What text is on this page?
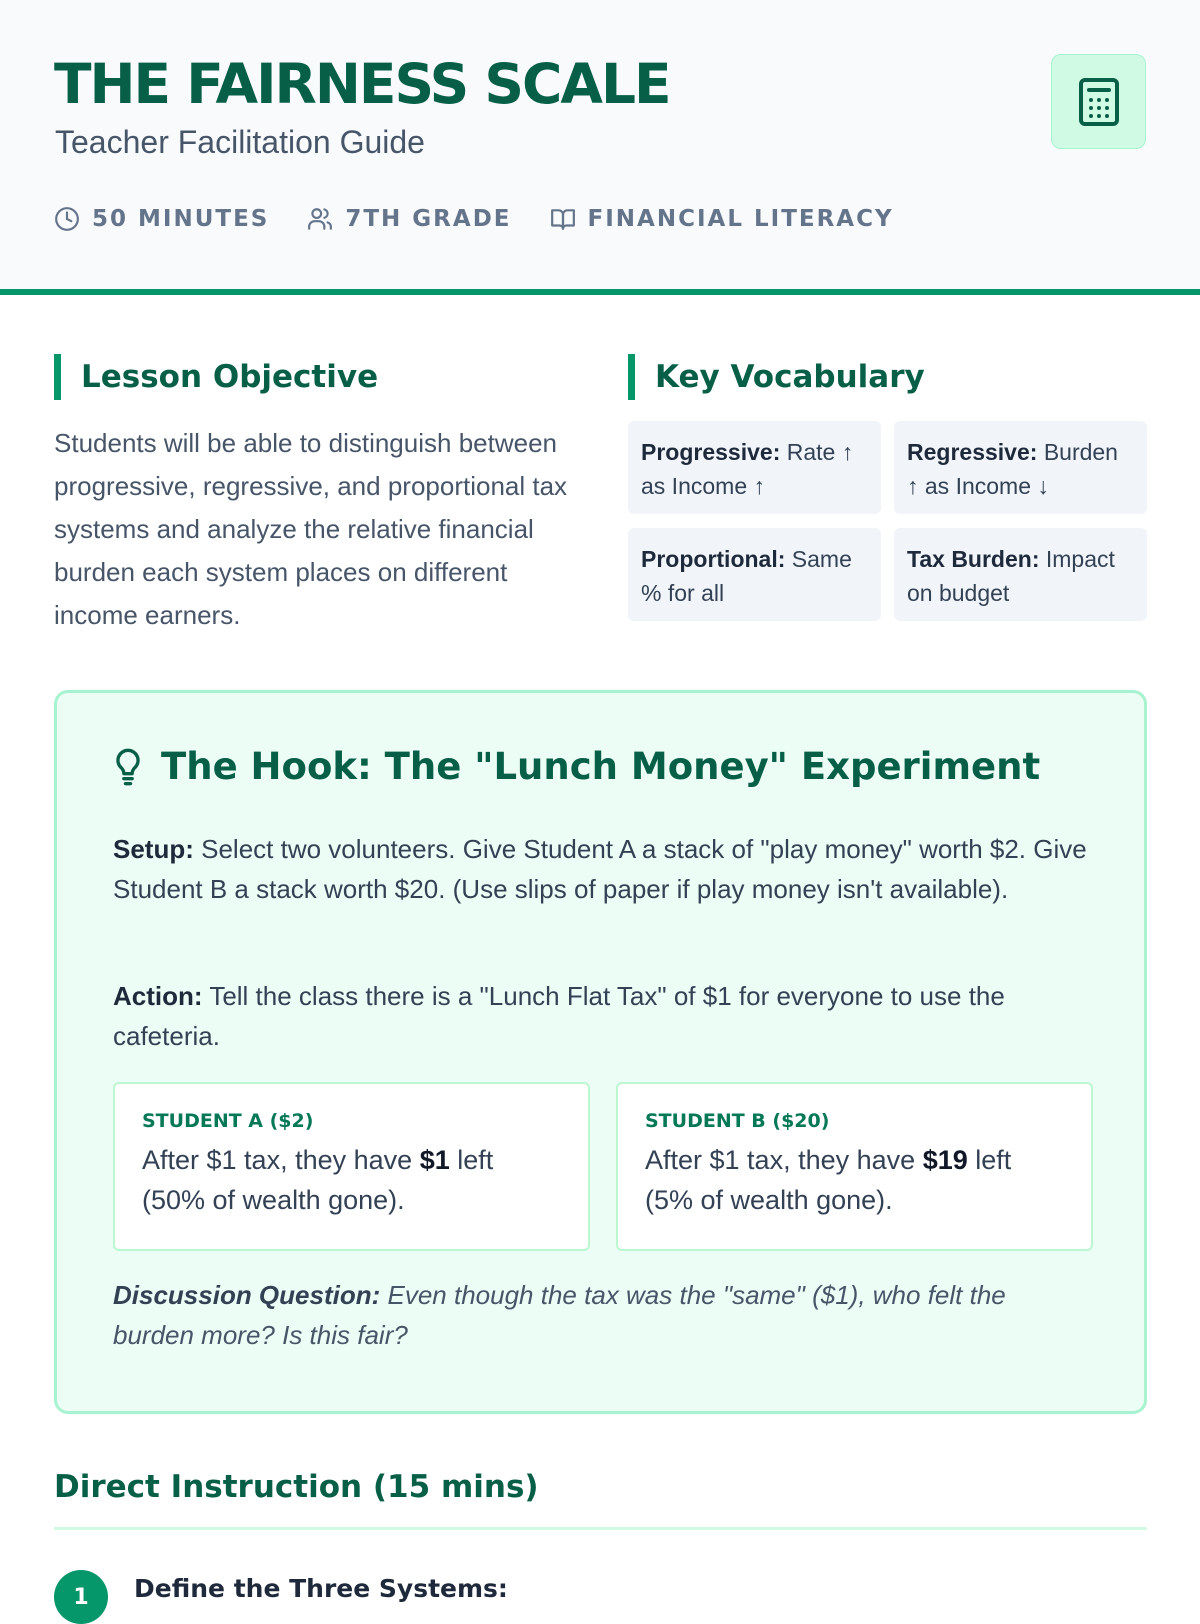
THE FAIRNESS SCALE
Teacher Facilitation Guide
50 MINUTES	7TH GRADE	FINANCIAL LITERACY
Lesson Objective

Students will be able to distinguish between progressive, regressive, and proportional tax systems and analyze the relative financial burden each system places on different income earners.

Key Vocabulary
Progressive: Rate ↑ as Income ↑
Regressive: Burden ↑ as Income ↓
Proportional: Same % for all
Tax Burden: Impact on budget
The Hook: The "Lunch Money" Experiment

Setup: Select two volunteers. Give Student A a stack of "play money" worth $2. Give Student B a stack worth $20. (Use slips of paper if play money isn't available).

Action: Tell the class there is a "Lunch Flat Tax" of $1 for everyone to use the cafeteria.

STUDENT A ($2)
After $1 tax, they have $1 left (50% of wealth gone).
STUDENT B ($20)
After $1 tax, they have $19 left (5% of wealth gone).

Discussion Question: Even though the tax was the "same" ($1), who felt the burden more? Is this fair?

Direct Instruction (15 mins)
1	Define the Three Systems:
